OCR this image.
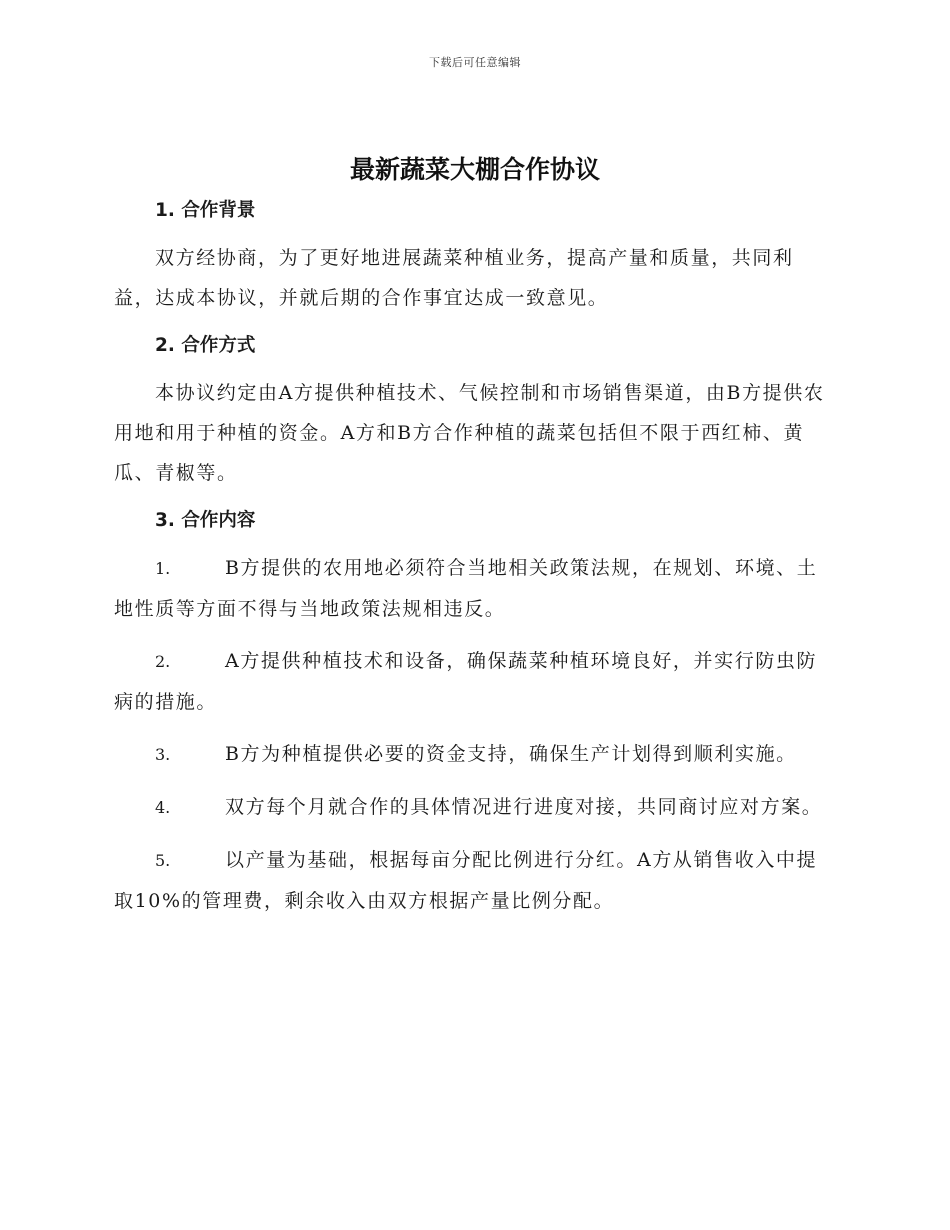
下载后可任意编辑
最新蔬菜大棚合作协议
1. 合作背景

双方经协商，为了更好地进展蔬菜种植业务，提高产量和质量，共同利益，达成本协议，并就后期的合作事宜达成一致意见。

2. 合作方式

本协议约定由A方提供种植技术、气候控制和市场销售渠道，由B方提供农用地和用于种植的资金。A方和B方合作种植的蔬菜包括但不限于西红柿、黄瓜、青椒等。

3. 合作内容

1.	B方提供的农用地必须符合当地相关政策法规，在规划、环境、土地性质等方面不得与当地政策法规相违反。

2.	A方提供种植技术和设备，确保蔬菜种植环境良好，并实行防虫防病的措施。

3.	B方为种植提供必要的资金支持，确保生产计划得到顺利实施。

4.	双方每个月就合作的具体情况进行进度对接，共同商讨应对方案。

5.	以产量为基础，根据每亩分配比例进行分红。A方从销售收入中提取10%的管理费，剩余收入由双方根据产量比例分配。
